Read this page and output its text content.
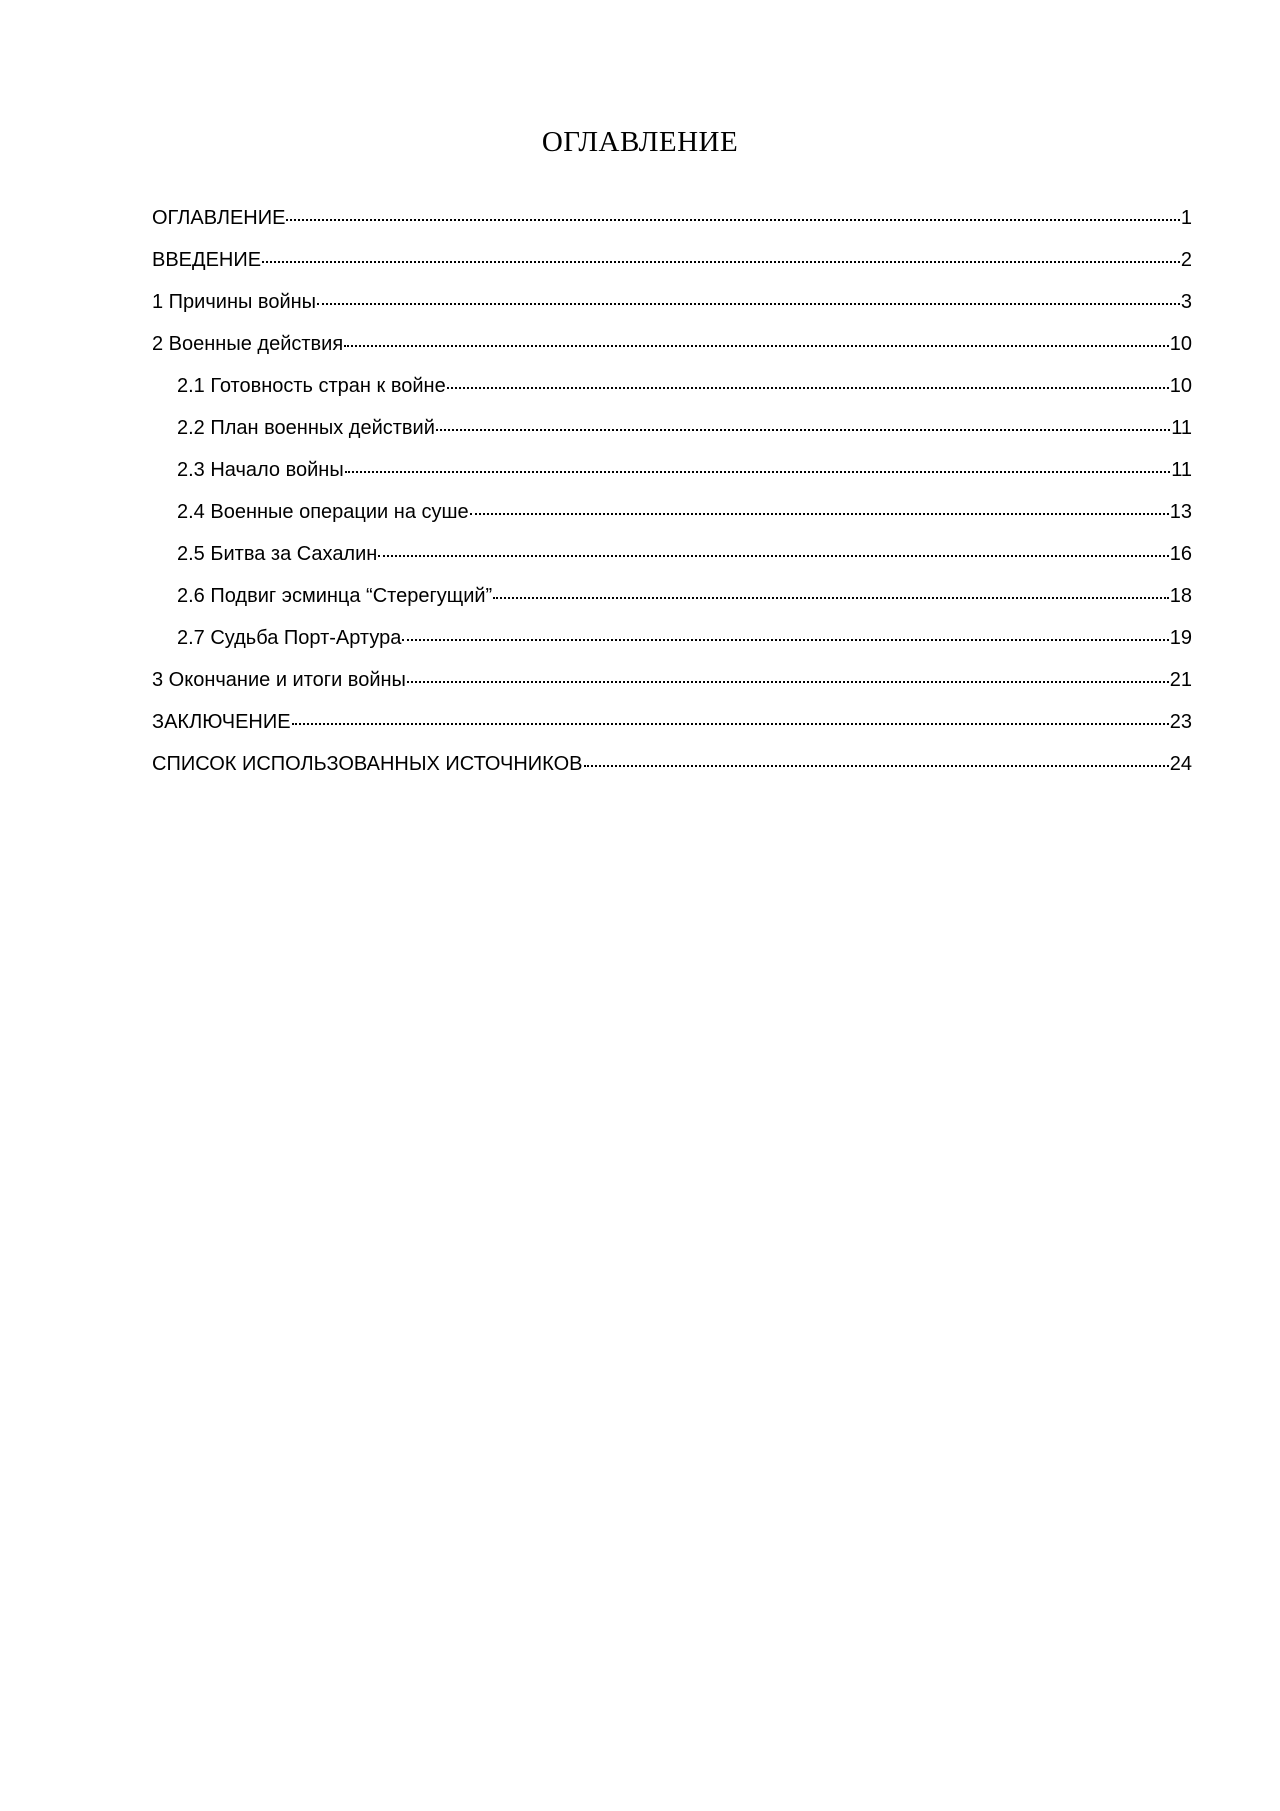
ОГЛАВЛЕНИЕ
ОГЛАВЛЕНИЕ	1
ВВЕДЕНИЕ	2
1 Причины войны	3
2 Военные действия	10
2.1 Готовность стран к войне	10
2.2 План военных действий	11
2.3 Начало войны	11
2.4 Военные операции на суше	13
2.5 Битва за Сахалин	16
2.6 Подвиг эсминца “Стерегущий”	18
2.7 Судьба Порт-Артура	19
3 Окончание и итоги войны	21
ЗАКЛЮЧЕНИЕ	23
СПИСОК ИСПОЛЬЗОВАННЫХ ИСТОЧНИКОВ	24
